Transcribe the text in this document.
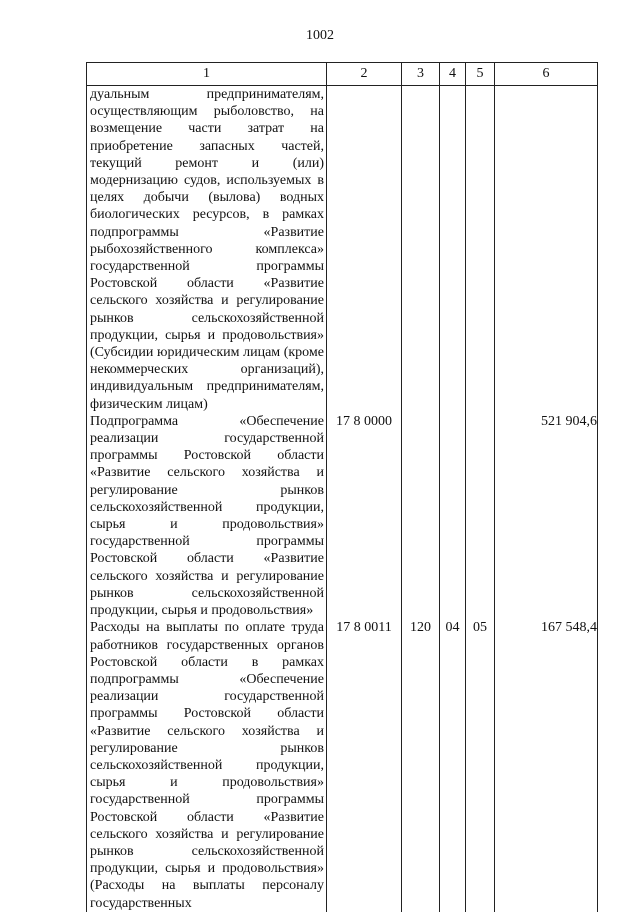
1002
1	2	3	4	5	6
дуальным предпринимателям, осуществляющим рыболовство, на возмещение части затрат на приобретение запасных частей, текущий ремонт и (или) модернизацию судов, используемых в целях добычи (вылова) водных биологических ресурсов, в рамках подпрограммы «Развитие рыбохозяйственного комплекса» государственной программы Ростовской области «Развитие сельского хозяйства и регулирование рынков сельскохозяйственной продукции, сырья и продовольствия» (Субсидии юридическим лицам (кроме некоммерческих организаций), индивидуальным предпринимателям, физическим лицам)					
Подпрограмма «Обеспечение реализации государственной программы Ростовской области «Развитие сельского хозяйства и регулирование рынков сельскохозяйственной продукции, сырья и продовольствия» государственной программы Ростовской области «Развитие сельского хозяйства и регулирование рынков сельскохозяйственной продукции, сырья и продовольствия»	17 8 0000				521 904,6
Расходы на выплаты по оплате труда работников государственных органов Ростовской области в рамках подпрограммы «Обеспечение реализации государственной программы Ростовской области «Развитие сельского хозяйства и регулирование рынков сельскохозяйственной продукции, сырья и продовольствия» государственной программы Ростовской области «Развитие сельского хозяйства и регулирование рынков сельскохозяйственной продукции, сырья и продовольствия» (Расходы на выплаты персоналу государственных	17 8 0011	120	04	05	167 548,4
